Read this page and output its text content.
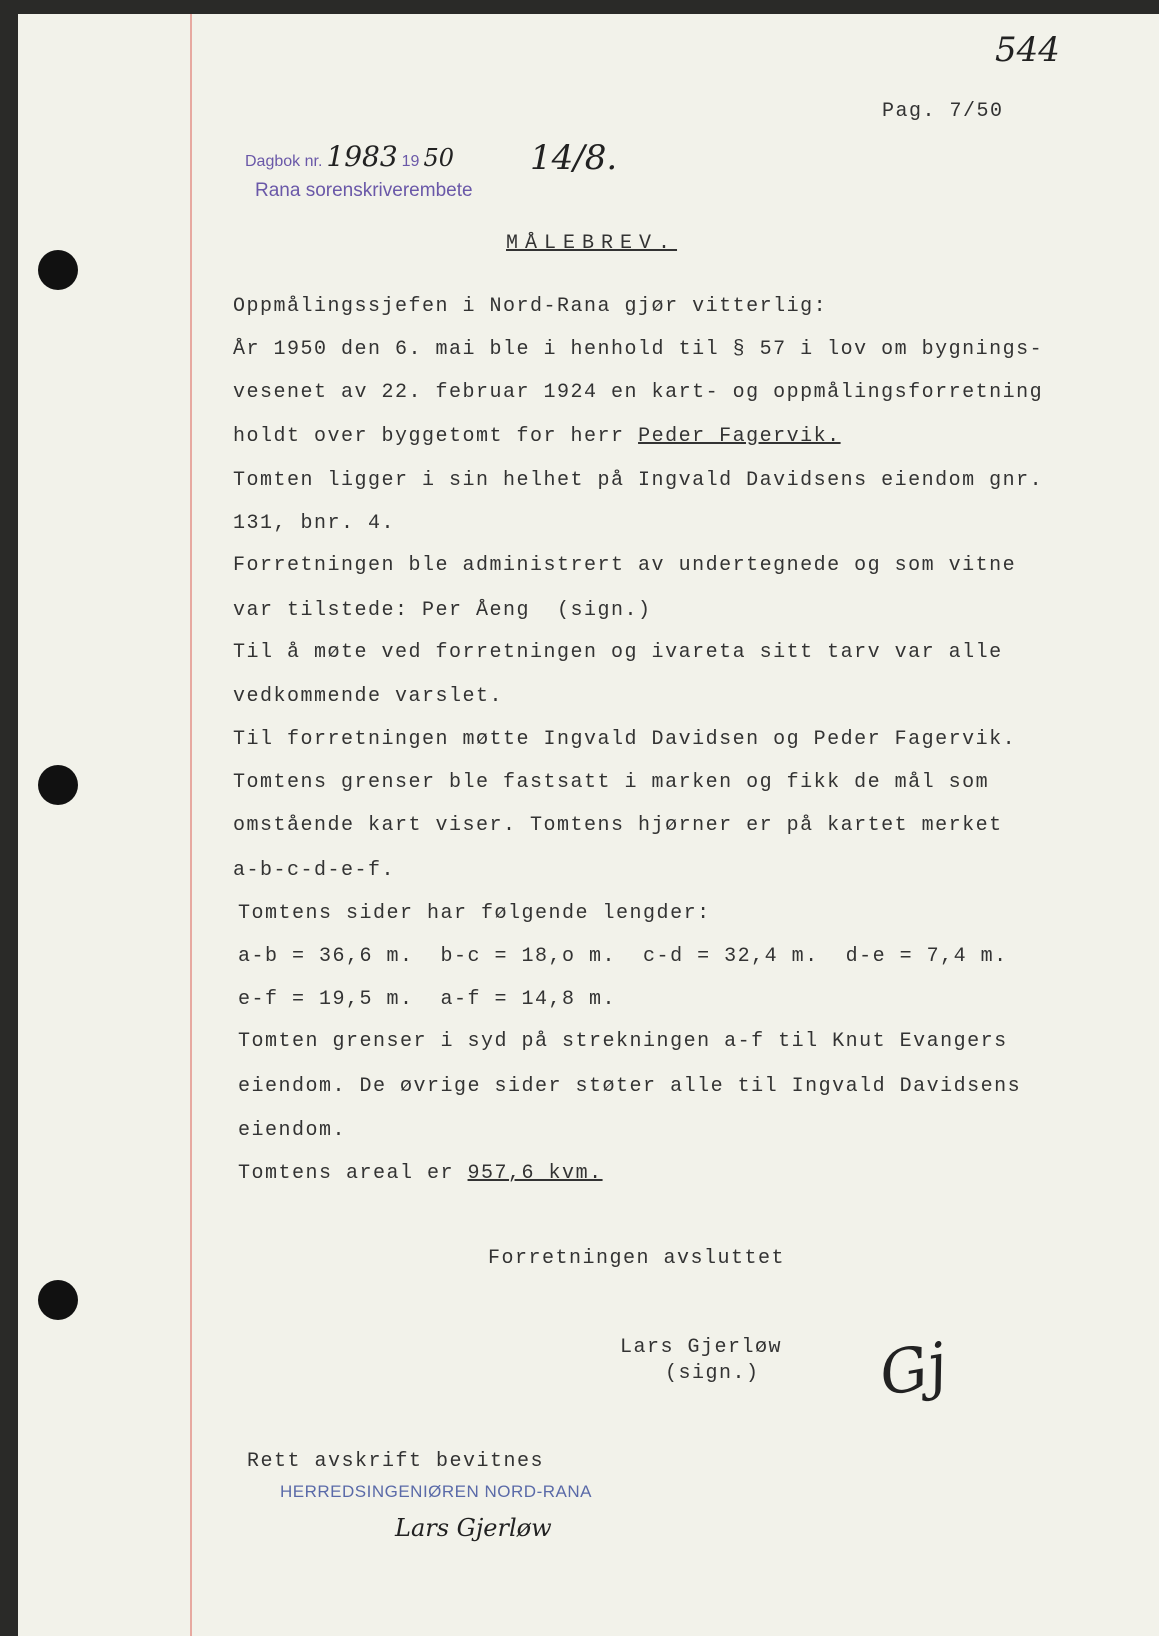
544
Pag. 7/50
Dagbok nr. 1983 19 50
Rana sorenskriverembete
14/8.
MÅLEBREV.
Oppmålingssjefen i Nord-Rana gjør vitterlig:
År 1950 den 6. mai ble i henhold til § 57 i lov om bygnings-
vesenet av 22. februar 1924 en kart- og oppmålingsforretning
holdt over byggetomt for herr Peder Fagervik.
Tomten ligger i sin helhet på Ingvald Davidsens eiendom gnr.
131, bnr. 4.
Forretningen ble administrert av undertegnede og som vitne
var tilstede: Per Åeng  (sign.)
Til å møte ved forretningen og ivareta sitt tarv var alle
vedkommende varslet.
Til forretningen møtte Ingvald Davidsen og Peder Fagervik.
Tomtens grenser ble fastsatt i marken og fikk de mål som
omstående kart viser. Tomtens hjørner er på kartet merket
a-b-c-d-e-f.
Tomtens sider har følgende lengder:
a-b = 36,6 m.  b-c = 18,o m.  c-d = 32,4 m.  d-e = 7,4 m.
e-f = 19,5 m.  a-f = 14,8 m.
Tomten grenser i syd på strekningen a-f til Knut Evangers
eiendom. De øvrige sider støter alle til Ingvald Davidsens
eiendom.
Tomtens areal er 957,6 kvm.
Forretningen avsluttet
Lars Gjerløw
(sign.) Gj
Rett avskrift bevitnes
HERREDSINGENIØREN NORD-RANA
Lars Gjerløw
